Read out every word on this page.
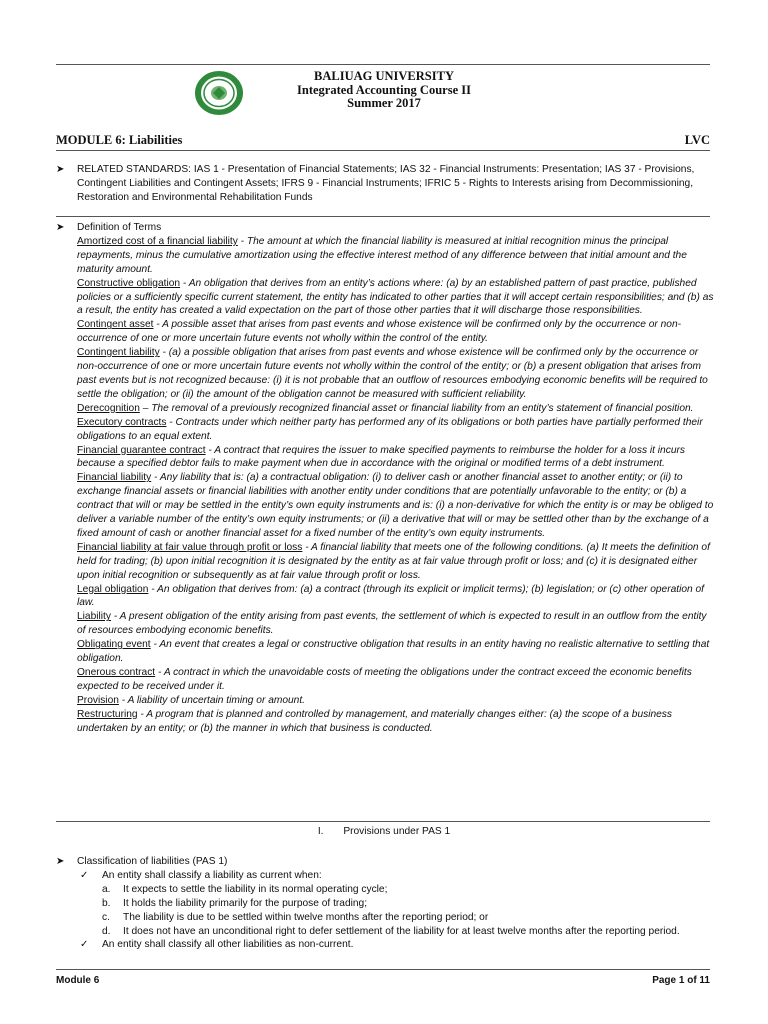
BALIUAG UNIVERSITY
Integrated Accounting Course II
Summer 2017
MODULE 6: Liabilities	LVC
➤	RELATED STANDARDS: IAS 1 - Presentation of Financial Statements; IAS 32 - Financial Instruments: Presentation; IAS 37 - Provisions, Contingent Liabilities and Contingent Assets; IFRS 9 - Financial Instruments; IFRIC 5 - Rights to Interests arising from Decommissioning, Restoration and Environmental Rehabilitation Funds
➤	Definition of Terms
Amortized cost of a financial liability - The amount at which the financial liability is measured at initial recognition minus the principal repayments, minus the cumulative amortization using the effective interest method of any difference between that initial amount and the maturity amount.
Constructive obligation - An obligation that derives from an entity’s actions where: (a) by an established pattern of past practice, published policies or a sufficiently specific current statement, the entity has indicated to other parties that it will accept certain responsibilities; and (b) as a result, the entity has created a valid expectation on the part of those other parties that it will discharge those responsibilities.
Contingent asset - A possible asset that arises from past events and whose existence will be confirmed only by the occurrence or non-occurrence of one or more uncertain future events not wholly within the control of the entity.
Contingent liability - (a) a possible obligation that arises from past events and whose existence will be confirmed only by the occurrence or non-occurrence of one or more uncertain future events not wholly within the control of the entity; or (b) a present obligation that arises from past events but is not recognized because: (i) it is not probable that an outflow of resources embodying economic benefits will be required to settle the obligation; or (ii) the amount of the obligation cannot be measured with sufficient reliability.
Derecognition – The removal of a previously recognized financial asset or financial liability from an entity’s statement of financial position.
Executory contracts - Contracts under which neither party has performed any of its obligations or both parties have partially performed their obligations to an equal extent.
Financial guarantee contract - A contract that requires the issuer to make specified payments to reimburse the holder for a loss it incurs because a specified debtor fails to make payment when due in accordance with the original or modified terms of a debt instrument.
Financial liability - Any liability that is: (a) a contractual obligation: (i) to deliver cash or another financial asset to another entity; or (ii) to exchange financial assets or financial liabilities with another entity under conditions that are potentially unfavorable to the entity; or (b) a contract that will or may be settled in the entity’s own equity instruments and is: (i) a non-derivative for which the entity is or may be obliged to deliver a variable number of the entity’s own equity instruments; or (ii) a derivative that will or may be settled other than by the exchange of a fixed amount of cash or another financial asset for a fixed number of the entity’s own equity instruments.
Financial liability at fair value through profit or loss - A financial liability that meets one of the following conditions. (a) It meets the definition of held for trading; (b) upon initial recognition it is designated by the entity as at fair value through profit or loss; and (c) it is designated either upon initial recognition or subsequently as at fair value through profit or loss.
Legal obligation - An obligation that derives from: (a) a contract (through its explicit or implicit terms); (b) legislation; or (c) other operation of law.
Liability - A present obligation of the entity arising from past events, the settlement of which is expected to result in an outflow from the entity of resources embodying economic benefits.
Obligating event - An event that creates a legal or constructive obligation that results in an entity having no realistic alternative to settling that obligation.
Onerous contract - A contract in which the unavoidable costs of meeting the obligations under the contract exceed the economic benefits expected to be received under it.
Provision - A liability of uncertain timing or amount.
Restructuring - A program that is planned and controlled by management, and materially changes either: (a) the scope of a business undertaken by an entity; or (b) the manner in which that business is conducted.
I. Provisions under PAS 1
➤	Classification of liabilities (PAS 1)
✓ An entity shall classify a liability as current when:
a. It expects to settle the liability in its normal operating cycle;
b. It holds the liability primarily for the purpose of trading;
c. The liability is due to be settled within twelve months after the reporting period; or
d. It does not have an unconditional right to defer settlement of the liability for at least twelve months after the reporting period.
✓ An entity shall classify all other liabilities as non-current.
Module 6	Page 1 of 11
